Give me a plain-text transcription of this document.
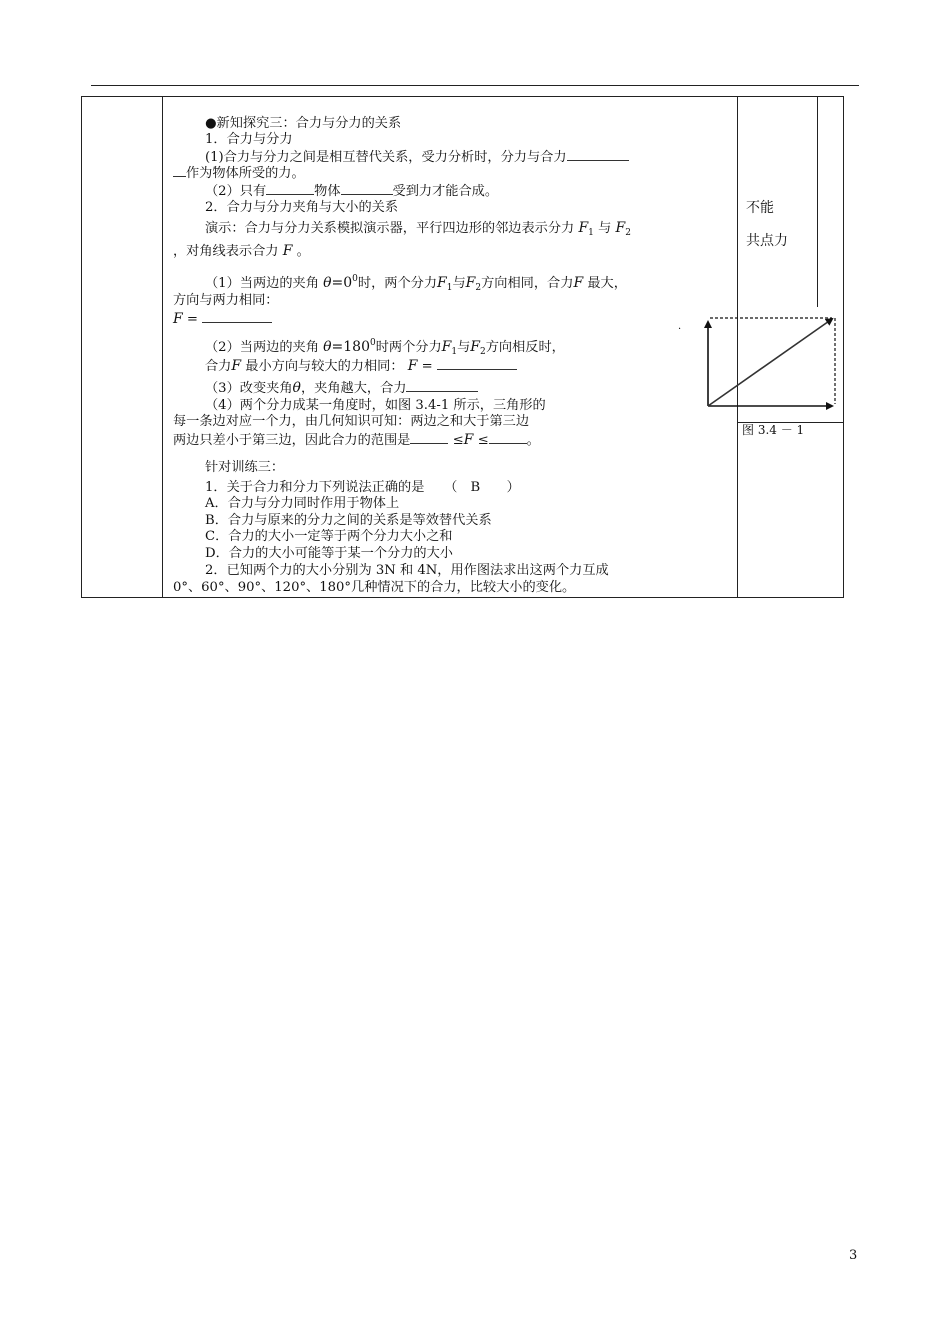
●新知探究三：合力与分力的关系
1．合力与分力
(1)合力与分力之间是相互替代关系，受力分析时，分力与合力
作为物体所受的力。
（2）只有	物体	受到力才能合成。
2．合力与分力夹角与大小的关系
演示：合力与分力关系模拟演示器，平行四边形的邻边表示分力 $F_1$ 与 $F_2$
，对角线表示合力 F 。
（1）当两边的夹角 $\theta=0^0$时，两个分力$F_1$与$F_2$方向相同，合力F 最大，
方向与两力相同：
F =
（2）当两边的夹角 $\theta=180^0$时两个分力$F_1$与$F_2$方向相反时，
合力F 最小方向与较大的力相同： F =
（3）改变夹角θ，夹角越大，合力
（4）两个分力成某一角度时，如图 3.4-1 所示，三角形的
每一条边对应一个力，由几何知识可知：两边之和大于第三边
两边只差小于第三边，因此合力的范围是	≤F ≤	。
针对训练三：
1．关于合力和分力下列说法正确的是　　（　B　　）
A．合力与分力同时作用于物体上
B．合力与原来的分力之间的关系是等效替代关系
C．合力的大小一定等于两个分力大小之和
D．合力的大小可能等于某一个分力的大小
2．已知两个力的大小分别为 3N 和 4N，用作图法求出这两个力互成
0°、60°、90°、120°、180°几种情况下的合力，比较大小的变化。
不能
共点力
·
图 3.4 － 1
3
